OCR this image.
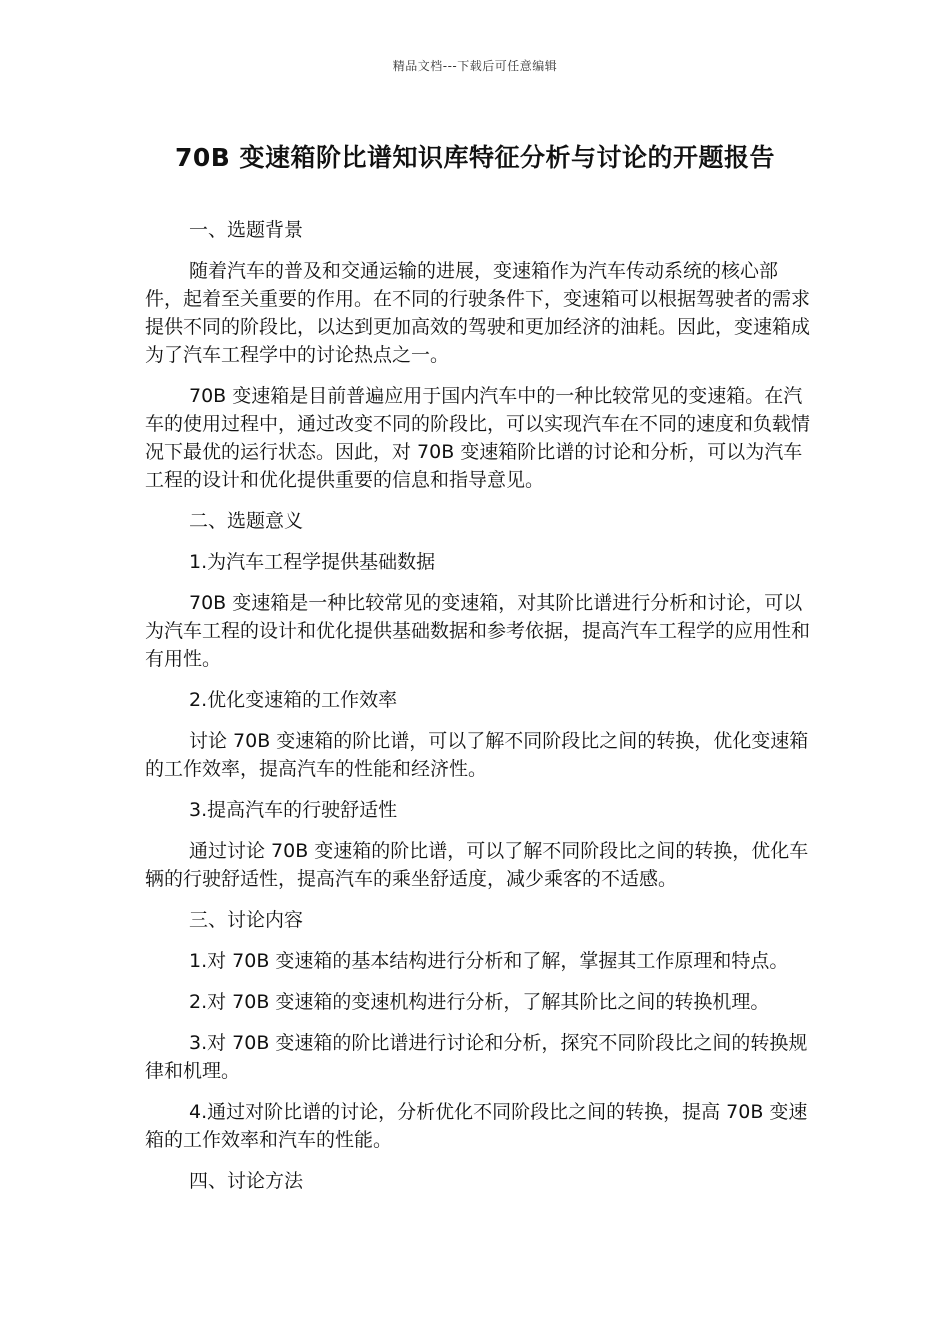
精品文档---下载后可任意编辑
70B 变速箱阶比谱知识库特征分析与讨论的开题报告

一、选题背景

随着汽车的普及和交通运输的进展，变速箱作为汽车传动系统的核心部件，起着至关重要的作用。在不同的行驶条件下，变速箱可以根据驾驶者的需求提供不同的阶段比，以达到更加高效的驾驶和更加经济的油耗。因此，变速箱成为了汽车工程学中的讨论热点之一。

70B 变速箱是目前普遍应用于国内汽车中的一种比较常见的变速箱。在汽车的使用过程中，通过改变不同的阶段比，可以实现汽车在不同的速度和负载情况下最优的运行状态。因此，对 70B 变速箱阶比谱的讨论和分析，可以为汽车工程的设计和优化提供重要的信息和指导意见。

二、选题意义

1.为汽车工程学提供基础数据

70B 变速箱是一种比较常见的变速箱，对其阶比谱进行分析和讨论，可以为汽车工程的设计和优化提供基础数据和参考依据，提高汽车工程学的应用性和有用性。

2.优化变速箱的工作效率

讨论 70B 变速箱的阶比谱，可以了解不同阶段比之间的转换，优化变速箱的工作效率，提高汽车的性能和经济性。

3.提高汽车的行驶舒适性

通过讨论 70B 变速箱的阶比谱，可以了解不同阶段比之间的转换，优化车辆的行驶舒适性，提高汽车的乘坐舒适度，减少乘客的不适感。

三、讨论内容

1.对 70B 变速箱的基本结构进行分析和了解，掌握其工作原理和特点。

2.对 70B 变速箱的变速机构进行分析，了解其阶比之间的转换机理。

3.对 70B 变速箱的阶比谱进行讨论和分析，探究不同阶段比之间的转换规律和机理。

4.通过对阶比谱的讨论，分析优化不同阶段比之间的转换，提高 70B 变速箱的工作效率和汽车的性能。

四、讨论方法
